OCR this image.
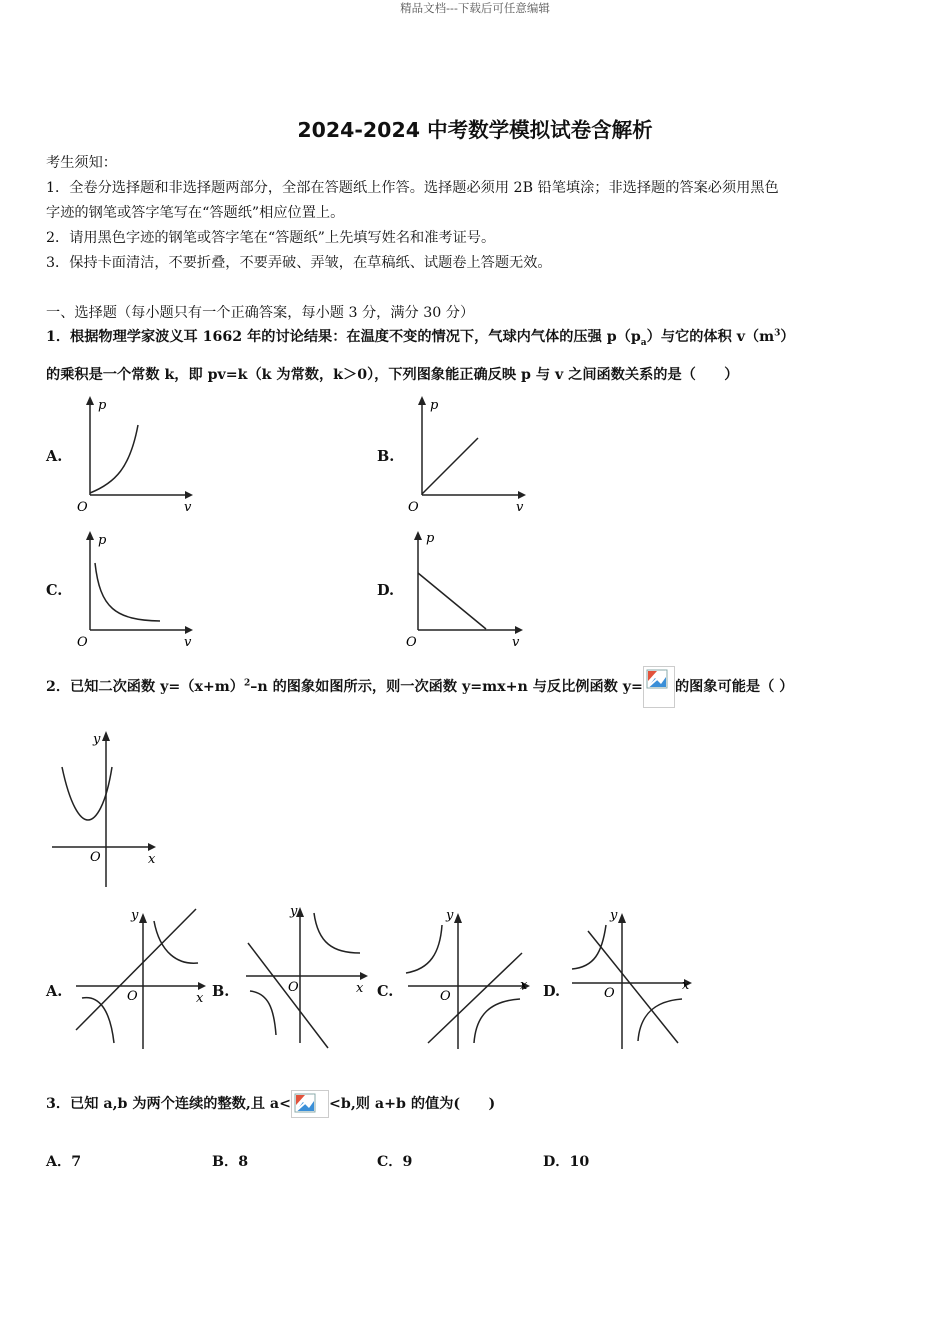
精品文档---下载后可任意编辑
2024-2024 中考数学模拟试卷含解析
考生须知：
1．全卷分选择题和非选择题两部分，全部在答题纸上作答。选择题必须用 2B 铅笔填涂；非选择题的答案必须用黑色
字迹的钢笔或答字笔写在“答题纸”相应位置上。
2．请用黑色字迹的钢笔或答字笔在“答题纸”上先填写姓名和准考证号。
3．保持卡面清洁，不要折叠，不要弄破、弄皱，在草稿纸、试题卷上答题无效。
一、选择题（每小题只有一个正确答案，每小题 3 分，满分 30 分）
1．根据物理学家波义耳 1662 年的讨论结果：在温度不变的情况下，气球内气体的压强 $p(p_a)$与它的体积 $v(m^3)$
的乘积是一个常数 k，即 pv=k（k 为常数，k＞0），下列图象能正确反映 p 与 v 之间函数关系的是（　　）
A.	B.
C.	D.
p
v
O
p
v
O
p
v
O
p
v
O
2．已知二次函数 $y=(x+m)^2-n$ 的图象如图所示，则一次函数 y=mx+n 与反比例函数 y= 的图象可能是（ ）
y
x
O
A.	B.	C.	D.
y
x
O
y
x
O
y
x
O
y
x
O
3．已知 a,b 为两个连续的整数,且 a<	<b,则 a+b 的值为(　　)
A．7	B．8	C．9	D．10
